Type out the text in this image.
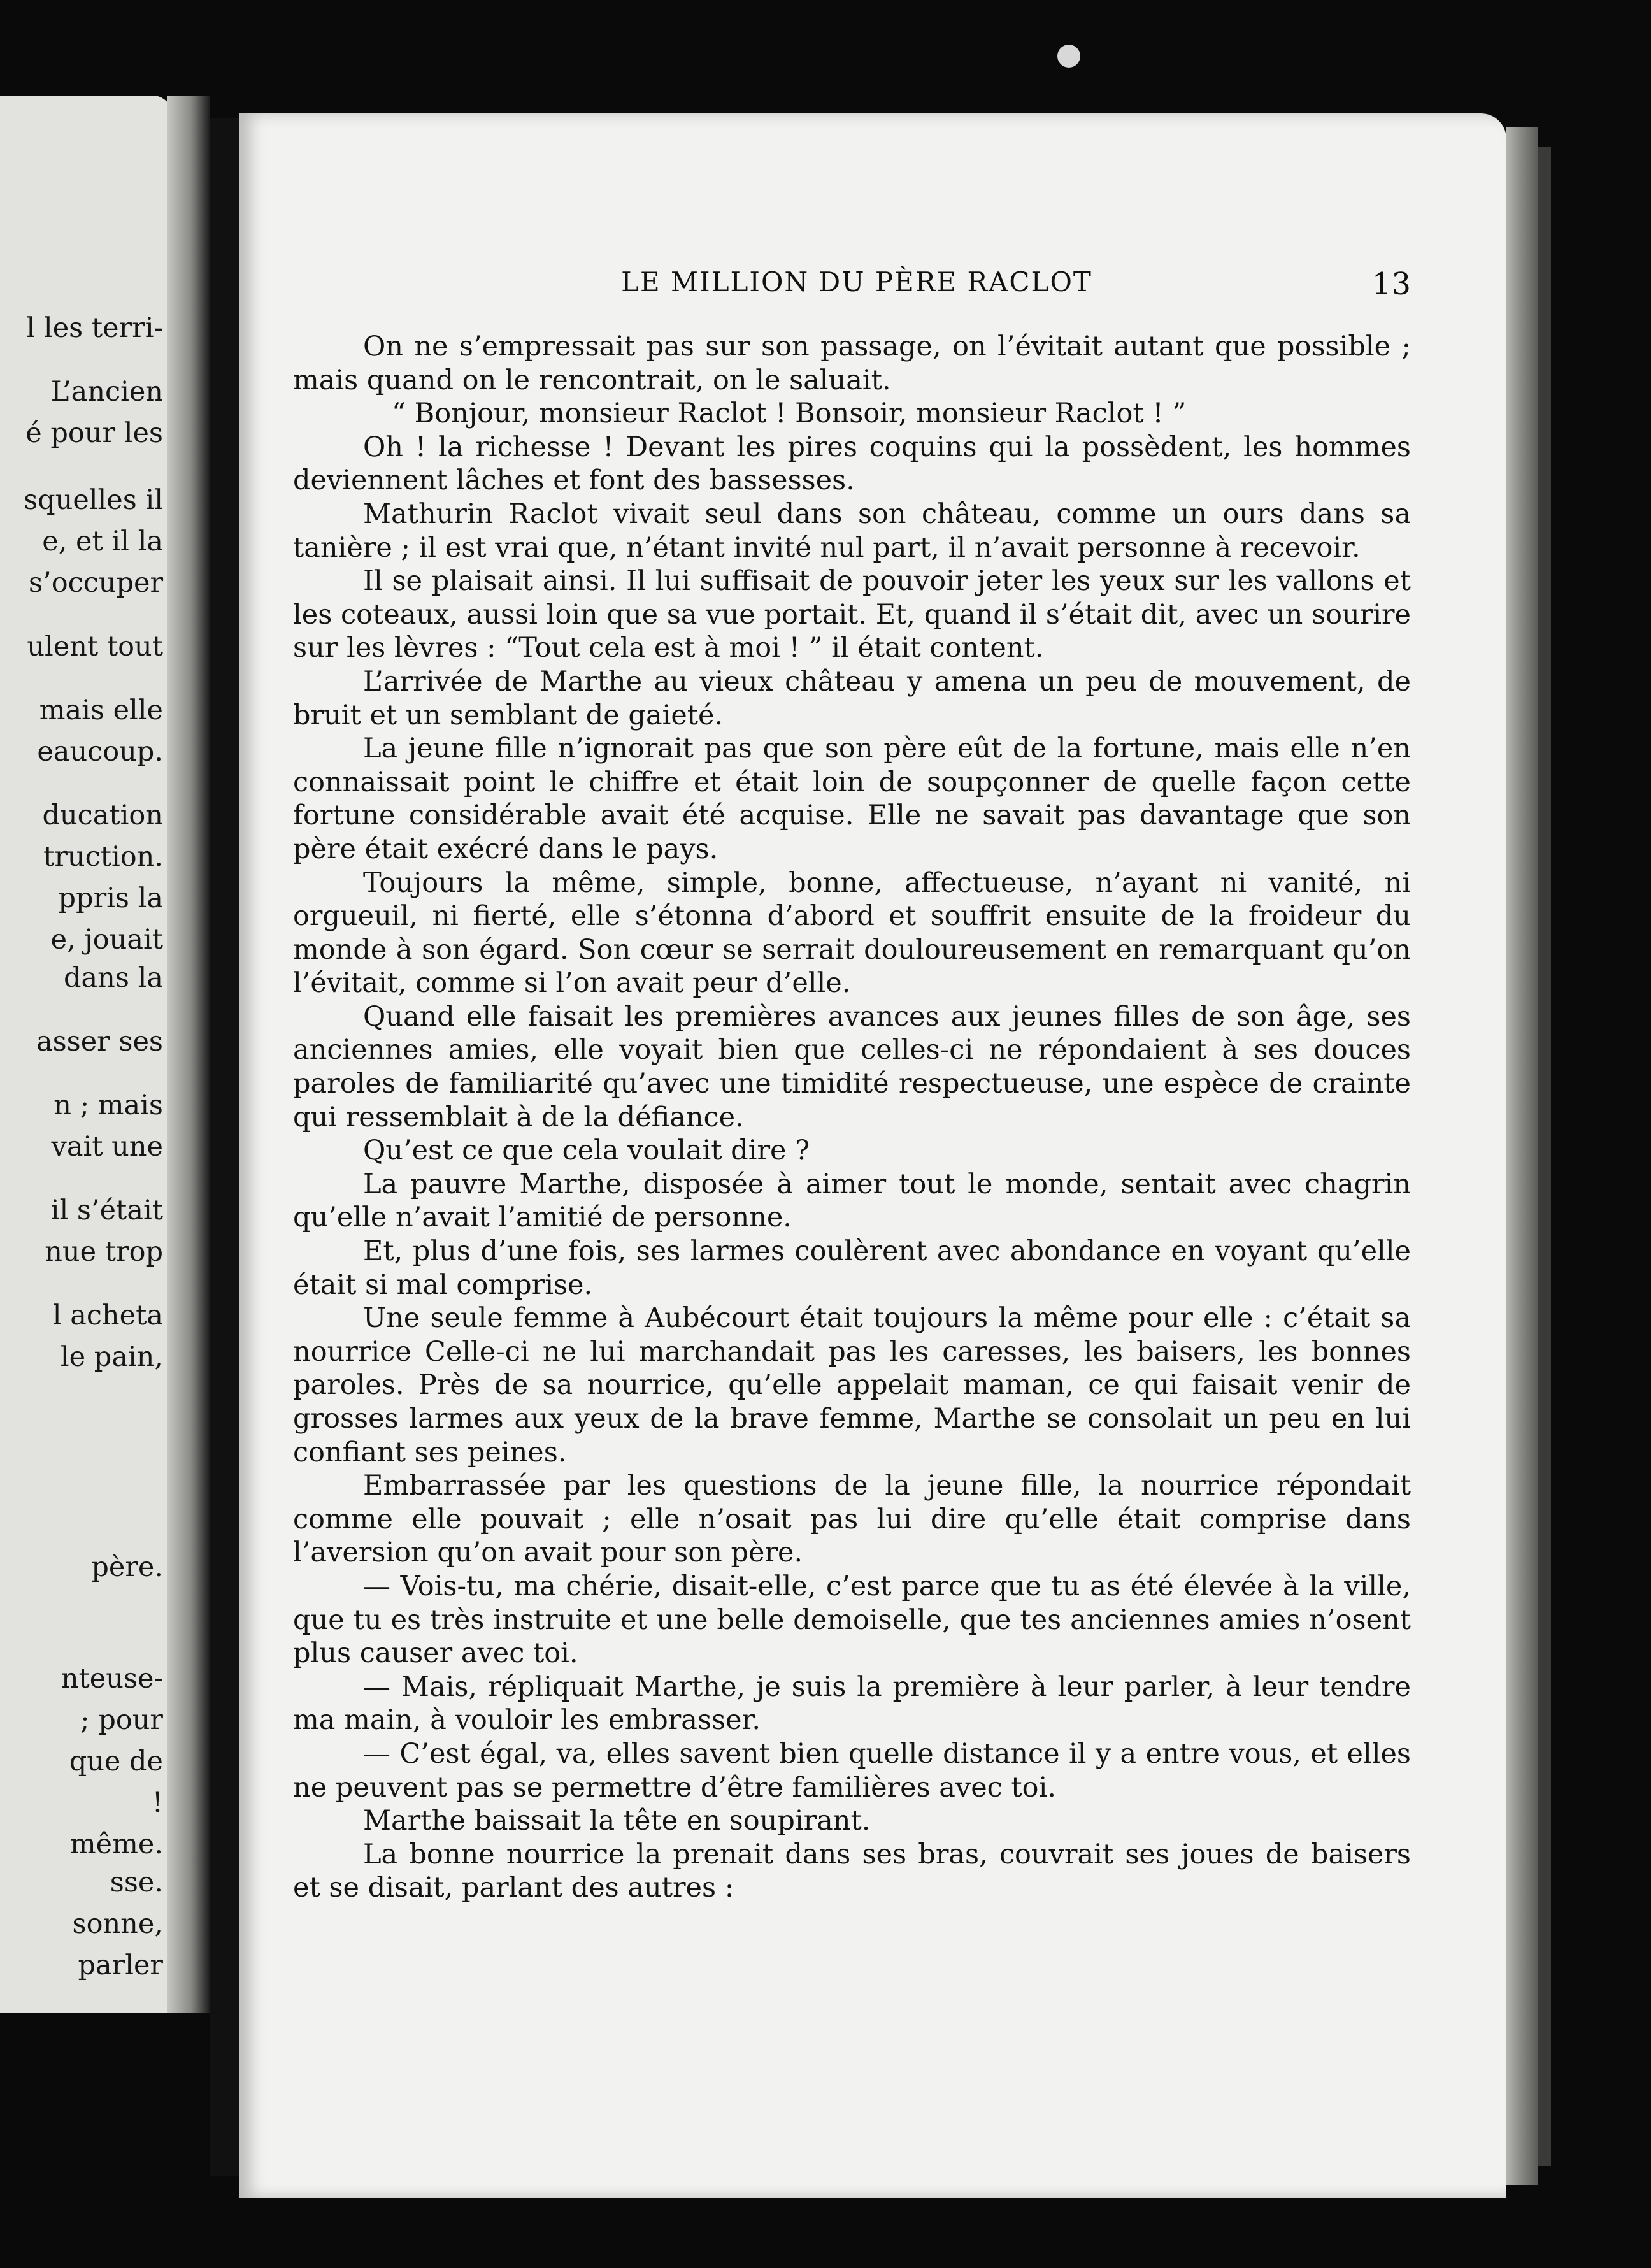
l les terri-
L’ancien
é pour les
squelles il
e, et il la
s’occuper
ulent tout
mais elle
eaucoup.
ducation
truction.
ppris la
e, jouait
dans la
asser ses
n ; mais
vait une
il s’était
nue trop
l acheta
le pain,
père.
nteuse-
; pour
que de
!
même.
sse.
sonne,
parler
LE MILLION DU PÈRE RACLOT	13

On ne s’empressait pas sur son passage, on l’évitait autant que possible ; mais quand on le rencontrait, on le saluait.

“ Bonjour, monsieur Raclot ! Bonsoir, monsieur Raclot ! ”

Oh ! la richesse ! Devant les pires coquins qui la possèdent, les hommes deviennent lâches et font des bassesses.

Mathurin Raclot vivait seul dans son château, comme un ours dans sa tanière ; il est vrai que, n’étant invité nul part, il n’avait personne à recevoir.

Il se plaisait ainsi. Il lui suffisait de pouvoir jeter les yeux sur les vallons et les coteaux, aussi loin que sa vue portait. Et, quand il s’était dit, avec un sourire sur les lèvres : “Tout cela est à moi ! ” il était content.

L’arrivée de Marthe au vieux château y amena un peu de mouvement, de bruit et un semblant de gaieté.

La jeune fille n’ignorait pas que son père eût de la fortune, mais elle n’en connaissait point le chiffre et était loin de soupçonner de quelle façon cette fortune considérable avait été acquise. Elle ne savait pas davantage que son père était exécré dans le pays.

Toujours la même, simple, bonne, affectueuse, n’ayant ni vanité, ni orgueuil, ni fierté, elle s’étonna d’abord et souffrit ensuite de la froideur du monde à son égard. Son cœur se serrait douloureusement en remarquant qu’on l’évitait, comme si l’on avait peur d’elle.

Quand elle faisait les premières avances aux jeunes filles de son âge, ses anciennes amies, elle voyait bien que celles-ci ne répondaient à ses douces paroles de familiarité qu’avec une timidité respectueuse, une espèce de crainte qui ressemblait à de la défiance.

Qu’est ce que cela voulait dire ?

La pauvre Marthe, disposée à aimer tout le monde, sentait avec chagrin qu’elle n’avait l’amitié de personne.

Et, plus d’une fois, ses larmes coulèrent avec abondance en voyant qu’elle était si mal comprise.

Une seule femme à Aubécourt était toujours la même pour elle : c’était sa nourrice Celle-ci ne lui marchandait pas les caresses, les baisers, les bonnes paroles. Près de sa nourrice, qu’elle appelait maman, ce qui faisait venir de grosses larmes aux yeux de la brave femme, Marthe se consolait un peu en lui confiant ses peines.

Embarrassée par les questions de la jeune fille, la nourrice répondait comme elle pouvait ; elle n’osait pas lui dire qu’elle était comprise dans l’aversion qu’on avait pour son père.

— Vois-tu, ma chérie, disait-elle, c’est parce que tu as été élevée à la ville, que tu es très instruite et une belle demoiselle, que tes anciennes amies n’osent plus causer avec toi.

— Mais, répliquait Marthe, je suis la première à leur parler, à leur tendre ma main, à vouloir les embrasser.

— C’est égal, va, elles savent bien quelle distance il y a entre vous, et elles ne peuvent pas se permettre d’être familières avec toi.

Marthe baissait la tête en soupirant.

La bonne nourrice la prenait dans ses bras, couvrait ses joues de baisers et se disait, parlant des autres :
